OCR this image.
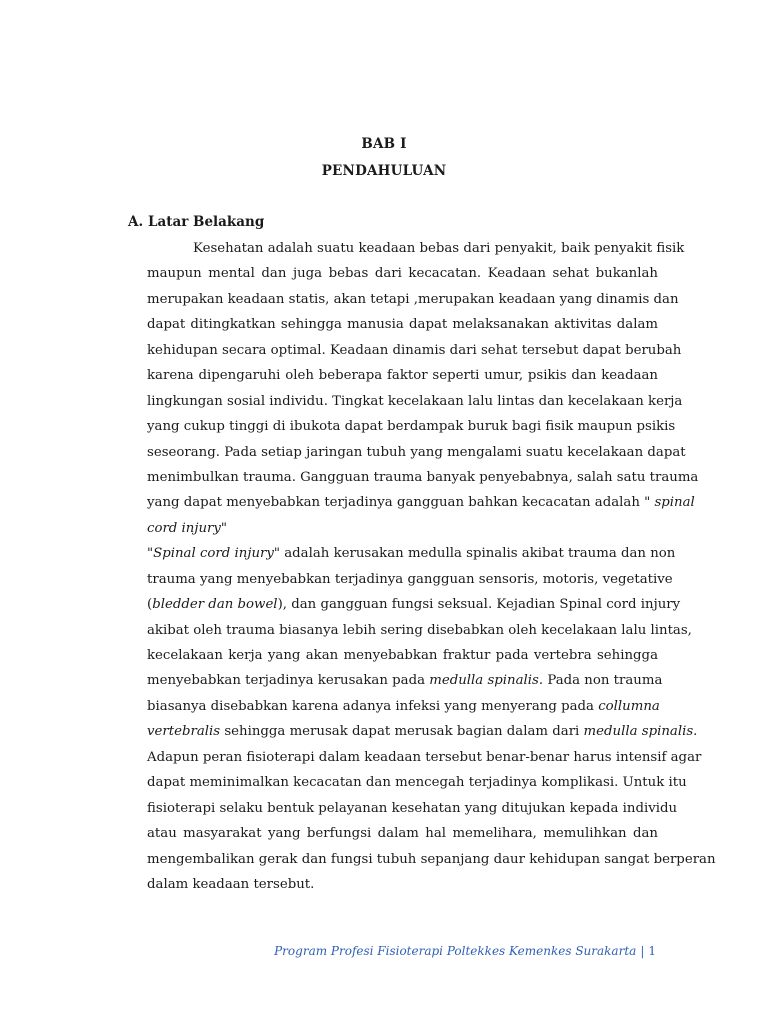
BAB I
PENDAHULUAN
A. Latar Belakang
Kesehatan adalah suatu keadaan bebas dari penyakit, baik penyakit fisik
maupun mental dan juga bebas dari kecacatan. Keadaan sehat bukanlah
merupakan keadaan statis, akan tetapi ,merupakan keadaan yang dinamis dan
dapat ditingkatkan sehingga manusia dapat melaksanakan aktivitas dalam
kehidupan secara optimal. Keadaan dinamis dari sehat tersebut dapat berubah
karena dipengaruhi oleh beberapa faktor seperti umur, psikis dan keadaan
lingkungan sosial individu. Tingkat kecelakaan lalu lintas dan kecelakaan kerja
yang cukup tinggi di ibukota dapat berdampak buruk bagi fisik maupun psikis
seseorang. Pada setiap jaringan tubuh yang mengalami suatu kecelakaan dapat
menimbulkan trauma. Gangguan trauma banyak penyebabnya, salah satu trauma
yang dapat menyebabkan terjadinya gangguan bahkan kecacatan adalah " spinal
cord injury"
"Spinal cord injury" adalah kerusakan medulla spinalis akibat trauma dan non
trauma yang menyebabkan terjadinya gangguan sensoris, motoris, vegetative
(bledder dan bowel), dan gangguan fungsi seksual. Kejadian Spinal cord injury
akibat oleh trauma biasanya lebih sering disebabkan oleh kecelakaan lalu lintas,
kecelakaan kerja yang akan menyebabkan fraktur pada vertebra sehingga
menyebabkan terjadinya kerusakan pada medulla spinalis. Pada non trauma
biasanya disebabkan karena adanya infeksi yang menyerang pada collumna
vertebralis sehingga merusak dapat merusak bagian dalam dari medulla spinalis.
Adapun peran fisioterapi dalam keadaan tersebut benar-benar harus intensif agar
dapat meminimalkan kecacatan dan mencegah terjadinya komplikasi. Untuk itu
fisioterapi selaku bentuk pelayanan kesehatan yang ditujukan kepada individu
atau masyarakat yang berfungsi dalam hal memelihara, memulihkan dan
mengembalikan gerak dan fungsi tubuh sepanjang daur kehidupan sangat berperan
dalam keadaan tersebut.
Program Profesi Fisioterapi Poltekkes Kemenkes Surakarta | 1
